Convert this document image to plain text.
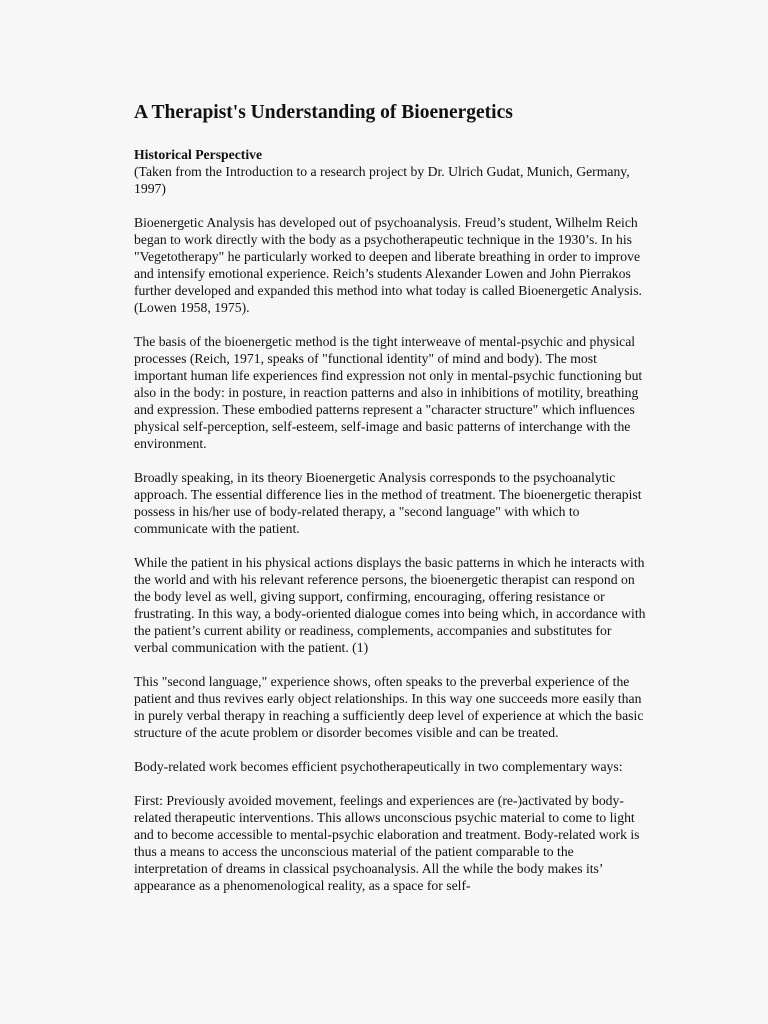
A Therapist's Understanding of Bioenergetics
Historical Perspective
(Taken from the Introduction to a research project by Dr. Ulrich Gudat, Munich, Germany, 1997)

Bioenergetic Analysis has developed out of psychoanalysis. Freud’s student, Wilhelm Reich began to work directly with the body as a psychotherapeutic technique in the 1930’s. In his "Vegetotherapy" he particularly worked to deepen and liberate breathing in order to improve and intensify emotional experience. Reich’s students Alexander Lowen and John Pierrakos further developed and expanded this method into what today is called Bioenergetic Analysis. (Lowen 1958, 1975).

The basis of the bioenergetic method is the tight interweave of mental-psychic and physical processes (Reich, 1971, speaks of "functional identity" of mind and body). The most important human life experiences find expression not only in mental-psychic functioning but also in the body: in posture, in reaction patterns and also in inhibitions of motility, breathing and expression. These embodied patterns represent a "character structure" which influences physical self-perception, self-esteem, self-image and basic patterns of interchange with the environment.

Broadly speaking, in its theory Bioenergetic Analysis corresponds to the psychoanalytic approach. The essential difference lies in the method of treatment. The bioenergetic therapist possess in his/her use of body-related therapy, a "second language" with which to communicate with the patient.

While the patient in his physical actions displays the basic patterns in which he interacts with the world and with his relevant reference persons, the bioenergetic therapist can respond on the body level as well, giving support, confirming, encouraging, offering resistance or frustrating. In this way, a body-oriented dialogue comes into being which, in accordance with the patient’s current ability or readiness, complements, accompanies and substitutes for verbal communication with the patient. (1)

This "second language," experience shows, often speaks to the preverbal experience of the patient and thus revives early object relationships. In this way one succeeds more easily than in purely verbal therapy in reaching a sufficiently deep level of experience at which the basic structure of the acute problem or disorder becomes visible and can be treated.

Body-related work becomes efficient psychotherapeutically in two complementary ways:

First: Previously avoided movement, feelings and experiences are (re-)activated by body-related therapeutic interventions. This allows unconscious psychic material to come to light and to become accessible to mental-psychic elaboration and treatment. Body-related work is thus a means to access the unconscious material of the patient comparable to the interpretation of dreams in classical psychoanalysis. All the while the body makes its’ appearance as a phenomenological reality, as a space for self-
